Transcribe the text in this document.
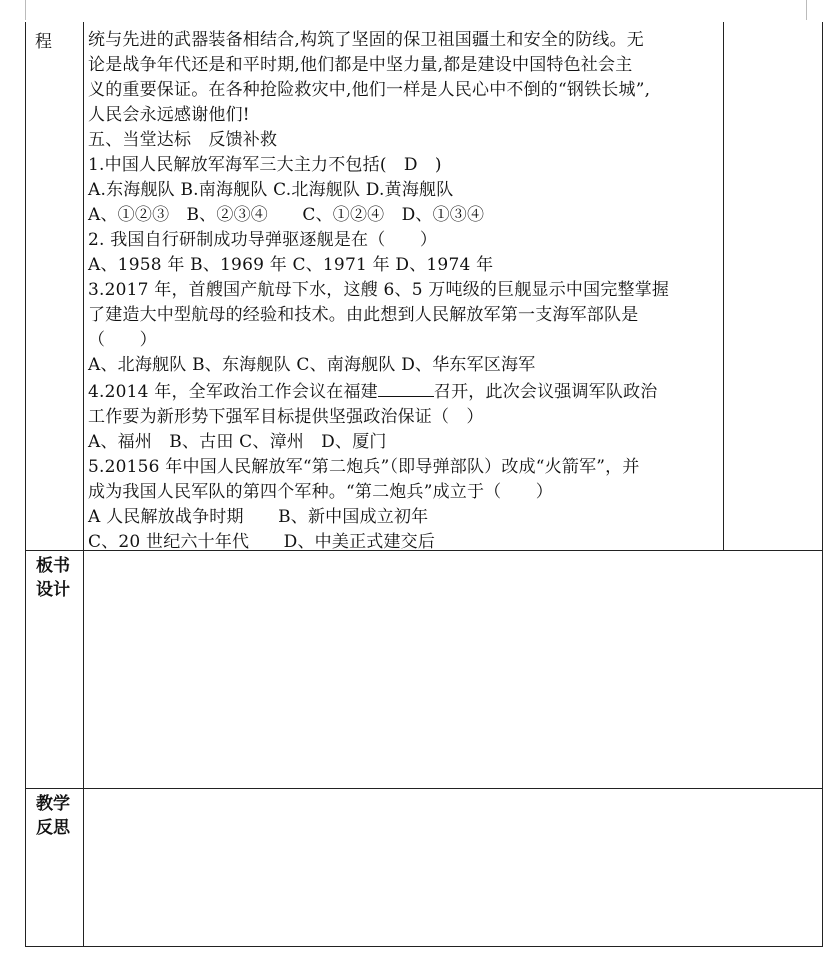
程
板书
设计
教学
反思

统与先进的武器装备相结合,构筑了坚固的保卫祖国疆土和安全的防线。无

论是战争年代还是和平时期,他们都是中坚力量,都是建设中国特色社会主

义的重要保证。在各种抢险救灾中,他们一样是人民心中不倒的“钢铁长城”,

人民会永远感谢他们!

五、当堂达标　反馈补救

1.中国人民解放军海军三大主力不包括(　D　)

A.东海舰队 B.南海舰队 C.北海舰队 D.黄海舰队

A、①②③　B、②③④　　C、①②④　D、①③④

2. 我国自行研制成功导弹驱逐舰是在（　　）

A、1958 年 B、1969 年 C、1971 年 D、1974 年

3.2017 年，首艘国产航母下水，这艘 6、5 万吨级的巨舰显示中国完整掌握

了建造大中型航母的经验和技术。由此想到人民解放军第一支海军部队是

（　　）

A、北海舰队 B、东海舰队 C、南海舰队 D、华东军区海军

4.2014 年，全军政治工作会议在福建	召开，此次会议强调军队政治

工作要为新形势下强军目标提供坚强政治保证（　）

A、福州　B、古田 C、漳州　D、厦门

5.20156 年中国人民解放军“第二炮兵”（即导弹部队）改成“火箭军”，并

成为我国人民军队的第四个军种。“第二炮兵”成立于（　　）

A 人民解放战争时期　　B、新中国成立初年

C、20 世纪六十年代　　D、中美正式建交后
